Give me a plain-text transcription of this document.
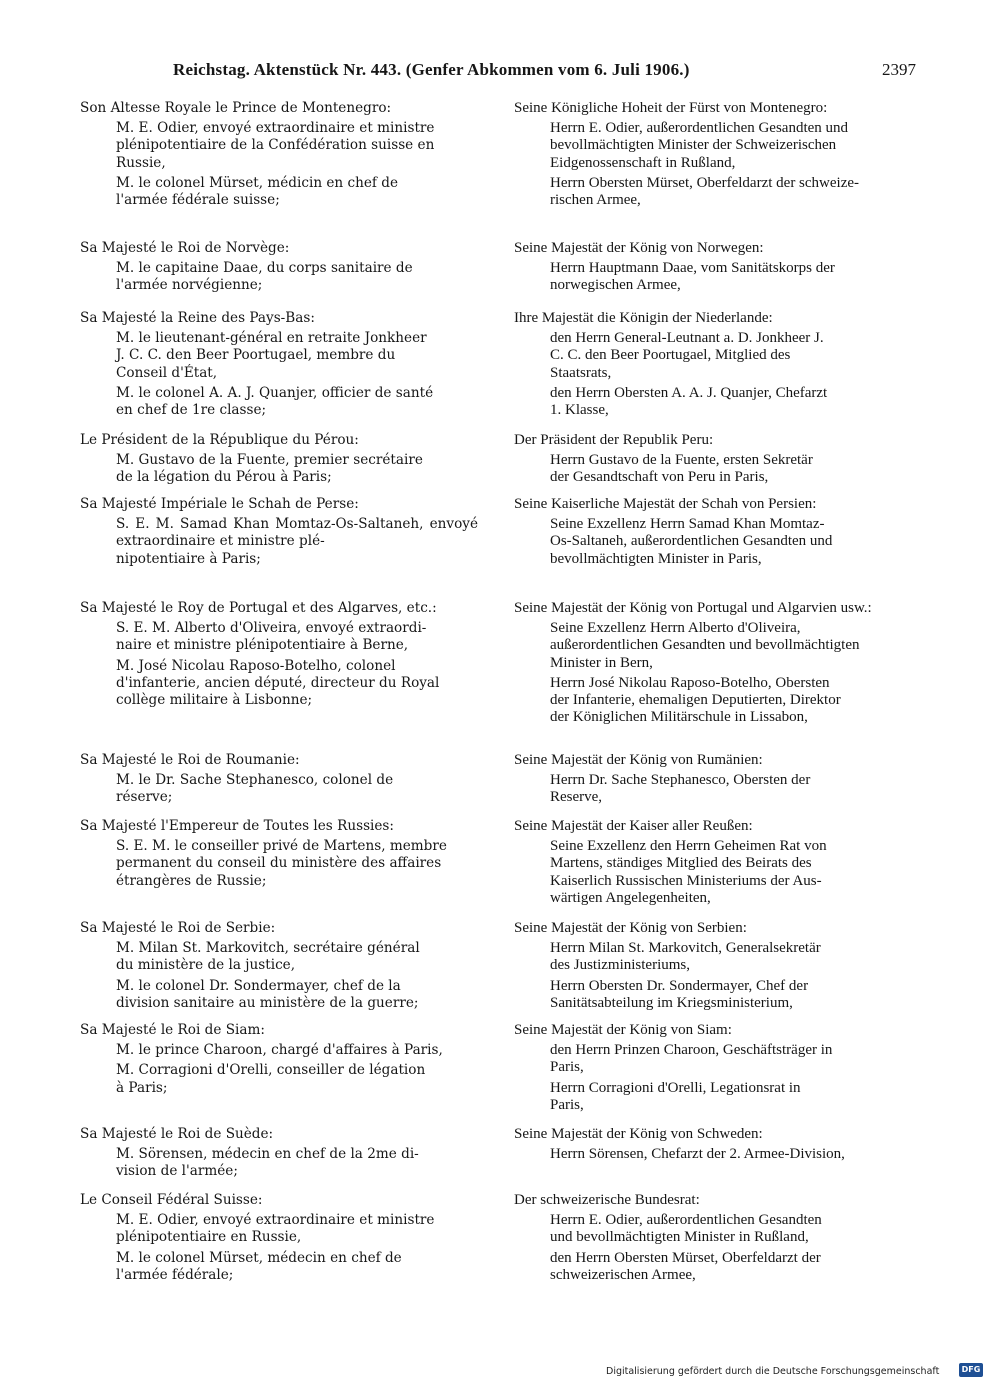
Reichstag. Aktenstück Nr. 443. (Genfer Abkommen vom 6. Juli 1906.)	2397

Son Altesse Royale le Prince de Montenegro:

M. E. Odier, envoyé extraordinaire et ministre
plénipotentiaire de la Confédération suisse en
Russie,

M. le colonel Mürset, médicin en chef de
l'armée fédérale suisse;

Sa Majesté le Roi de Norvège:

M. le capitaine Daae, du corps sanitaire de
l'armée norvégienne;

Sa Majesté la Reine des Pays-Bas:

M. le lieutenant-général en retraite Jonkheer
J. C. C. den Beer Poortugael, membre du
Conseil d'État,

M. le colonel A. A. J. Quanjer, officier de santé
en chef de 1re classe;

Le Président de la République du Pérou:

M. Gustavo de la Fuente, premier secrétaire
de la légation du Pérou à Paris;

Sa Majesté Impériale le Schah de Perse:

S. E. M. Samad Khan Momtaz-Os-Saltaneh, envoyé extraordinaire et ministre plé-
nipotentiaire à Paris;

Sa Majesté le Roy de Portugal et des Algarves, etc.:

S. E. M. Alberto d'Oliveira, envoyé extraordi-
naire et ministre plénipotentiaire à Berne,

M. José Nicolau Raposo-Botelho, colonel
d'infanterie, ancien député, directeur du Royal
collège militaire à Lisbonne;

Sa Majesté le Roi de Roumanie:

M. le Dr. Sache Stephanesco, colonel de
réserve;

Sa Majesté l'Empereur de Toutes les Russies:

S. E. M. le conseiller privé de Martens, membre
permanent du conseil du ministère des affaires
étrangères de Russie;

Sa Majesté le Roi de Serbie:

M. Milan St. Markovitch, secrétaire général
du ministère de la justice,

M. le colonel Dr. Sondermayer, chef de la
division sanitaire au ministère de la guerre;

Sa Majesté le Roi de Siam:

M. le prince Charoon, chargé d'affaires à Paris,

M. Corragioni d'Orelli, conseiller de légation
à Paris;

Sa Majesté le Roi de Suède:

M. Sörensen, médecin en chef de la 2me di-
vision de l'armée;

Le Conseil Fédéral Suisse:

M. E. Odier, envoyé extraordinaire et ministre
plénipotentiaire en Russie,

M. le colonel Mürset, médecin en chef de
l'armée fédérale;

Seine Königliche Hoheit der Fürst von Montenegro:

Herrn E. Odier, außerordentlichen Gesandten und
bevollmächtigten Minister der Schweizerischen
Eidgenossenschaft in Rußland,

Herrn Obersten Mürset, Oberfeldarzt der schweize-
rischen Armee,

Seine Majestät der König von Norwegen:

Herrn Hauptmann Daae, vom Sanitätskorps der
norwegischen Armee,

Ihre Majestät die Königin der Niederlande:

den Herrn General-Leutnant a. D. Jonkheer J.
C. C. den Beer Poortugael, Mitglied des
Staatsrats,

den Herrn Obersten A. A. J. Quanjer, Chefarzt
1. Klasse,

Der Präsident der Republik Peru:

Herrn Gustavo de la Fuente, ersten Sekretär
der Gesandtschaft von Peru in Paris,

Seine Kaiserliche Majestät der Schah von Persien:

Seine Exzellenz Herrn Samad Khan Momtaz-
Os-Saltaneh, außerordentlichen Gesandten und
bevollmächtigten Minister in Paris,

Seine Majestät der König von Portugal und Algarvien usw.:

Seine Exzellenz Herrn Alberto d'Oliveira,
außerordentlichen Gesandten und bevollmächtigten
Minister in Bern,

Herrn José Nikolau Raposo-Botelho, Obersten
der Infanterie, ehemaligen Deputierten, Direktor
der Königlichen Militärschule in Lissabon,

Seine Majestät der König von Rumänien:

Herrn Dr. Sache Stephanesco, Obersten der
Reserve,

Seine Majestät der Kaiser aller Reußen:

Seine Exzellenz den Herrn Geheimen Rat von
Martens, ständiges Mitglied des Beirats des
Kaiserlich Russischen Ministeriums der Aus-
wärtigen Angelegenheiten,

Seine Majestät der König von Serbien:

Herrn Milan St. Markovitch, Generalsekretär
des Justizministeriums,

Herrn Obersten Dr. Sondermayer, Chef der
Sanitätsabteilung im Kriegsministerium,

Seine Majestät der König von Siam:

den Herrn Prinzen Charoon, Geschäftsträger in
Paris,

Herrn Corragioni d'Orelli, Legationsrat in
Paris,

Seine Majestät der König von Schweden:

Herrn Sörensen, Chefarzt der 2. Armee-Division,

Der schweizerische Bundesrat:

Herrn E. Odier, außerordentlichen Gesandten
und bevollmächtigten Minister in Rußland,

den Herrn Obersten Mürset, Oberfeldarzt der
schweizerischen Armee,

Digitalisierung gefördert durch die Deutsche Forschungsgemeinschaft	DFG
